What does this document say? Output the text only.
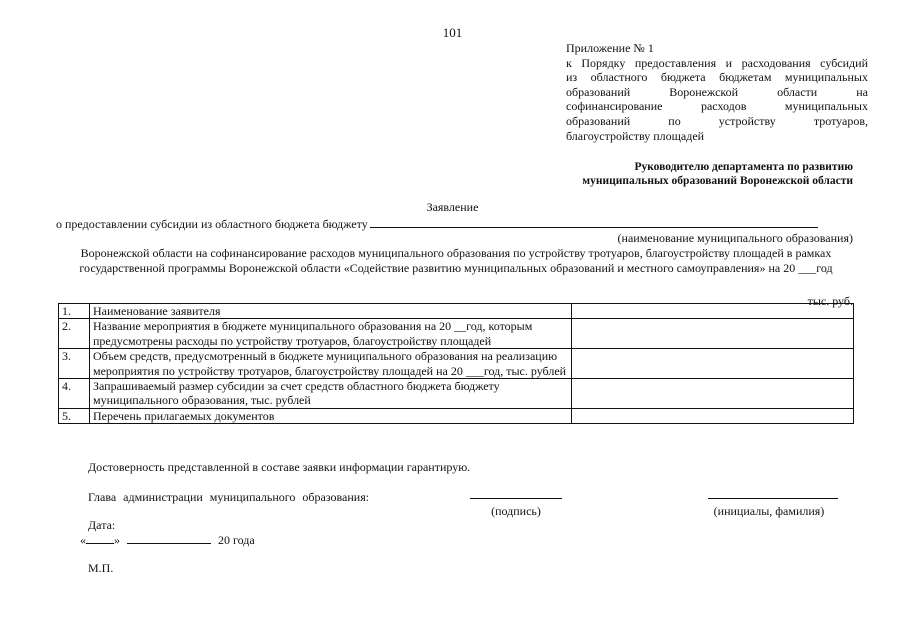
101
Приложение № 1
к Порядку предоставления и расходования субсидий
из областного бюджета бюджетам муниципальных
образований Воронежской области на
софинансирование расходов муниципальных
образований по устройству тротуаров,
благоустройству площадей
Руководителю департамента по развитию
муниципальных образований Воронежской области
Заявление
о предоставлении субсидии из областного бюджета бюджету
(наименование муниципального образования)
Воронежской области на софинансирование расходов муниципального образования по устройству тротуаров, благоустройству площадей в рамках государственной программы Воронежской области «Содействие развитию муниципальных образований и местного самоуправления» на 20 ___год
тыс. руб.
1.	Наименование заявителя	
2.	Название мероприятия в бюджете муниципального образования на 20 __год, которым предусмотрены расходы по устройству тротуаров, благоустройству площадей	
3.	Объем средств, предусмотренный в бюджете муниципального образования на реализацию мероприятия по устройству тротуаров, благоустройству площадей на 20 ___год, тыс. рублей	
4.	Запрашиваемый размер субсидии за счет средств областного бюджета бюджету муниципального образования, тыс. рублей	
5.	Перечень прилагаемых документов	
Достоверность представленной в составе заявки информации гарантирую.
Глава администрации муниципального образования:
(подпись)	(инициалы, фамилия)
Дата:
« »	20 года
М.П.
